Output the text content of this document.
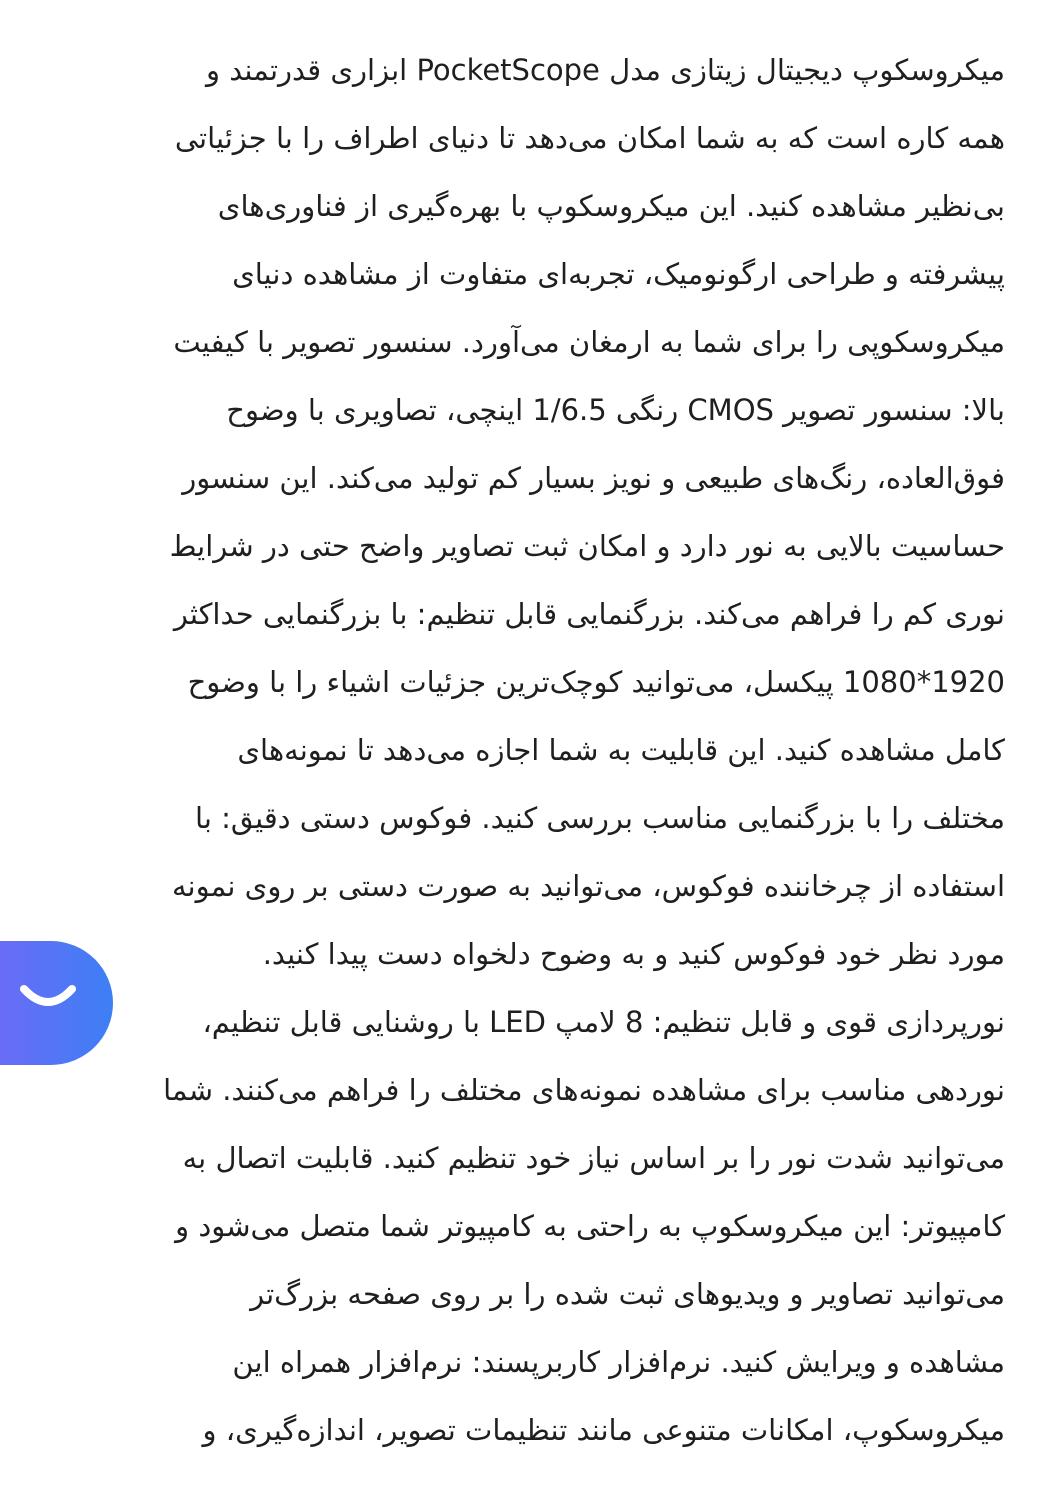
میکروسکوپ دیجیتال زیتازی مدل PocketScope ابزاری قدرتمند و
همه کاره است که به شما امکان می‌دهد تا دنیای اطراف را با جزئیاتی
بی‌نظیر مشاهده کنید. این میکروسکوپ با بهره‌گیری از فناوری‌های
پیشرفته و طراحی ارگونومیک، تجربه‌ای متفاوت از مشاهده دنیای
میکروسکوپی را برای شما به ارمغان می‌آورد. سنسور تصویر با کیفیت
بالا: سنسور تصویر CMOS رنگی 1/6.5 اینچی، تصاویری با وضوح
فوق‌العاده، رنگ‌های طبیعی و نویز بسیار کم تولید می‌کند. این سنسور
حساسیت بالایی به نور دارد و امکان ثبت تصاویر واضح حتی در شرایط
نوری کم را فراهم می‌کند. بزرگنمایی قابل تنظیم: با بزرگنمایی حداکثر
1920*1080 پیکسل، می‌توانید کوچک‌ترین جزئیات اشیاء را با وضوح
کامل مشاهده کنید. این قابلیت به شما اجازه می‌دهد تا نمونه‌های
مختلف را با بزرگنمایی مناسب بررسی کنید. فوکوس دستی دقیق: با
استفاده از چرخاننده فوکوس، می‌توانید به صورت دستی بر روی نمونه
مورد نظر خود فوکوس کنید و به وضوح دلخواه دست پیدا کنید.
نورپردازی قوی و قابل تنظیم: 8 لامپ LED با روشنایی قابل تنظیم،
نوردهی مناسب برای مشاهده نمونه‌های مختلف را فراهم می‌کنند. شما
می‌توانید شدت نور را بر اساس نیاز خود تنظیم کنید. قابلیت اتصال به
کامپیوتر: این میکروسکوپ به راحتی به کامپیوتر شما متصل می‌شود و
می‌توانید تصاویر و ویدیوهای ثبت شده را بر روی صفحه بزرگ‌تر
مشاهده و ویرایش کنید. نرم‌افزار کاربرپسند: نرم‌افزار همراه این
میکروسکوپ، امکانات متنوعی مانند تنظیمات تصویر، اندازه‌گیری، و
